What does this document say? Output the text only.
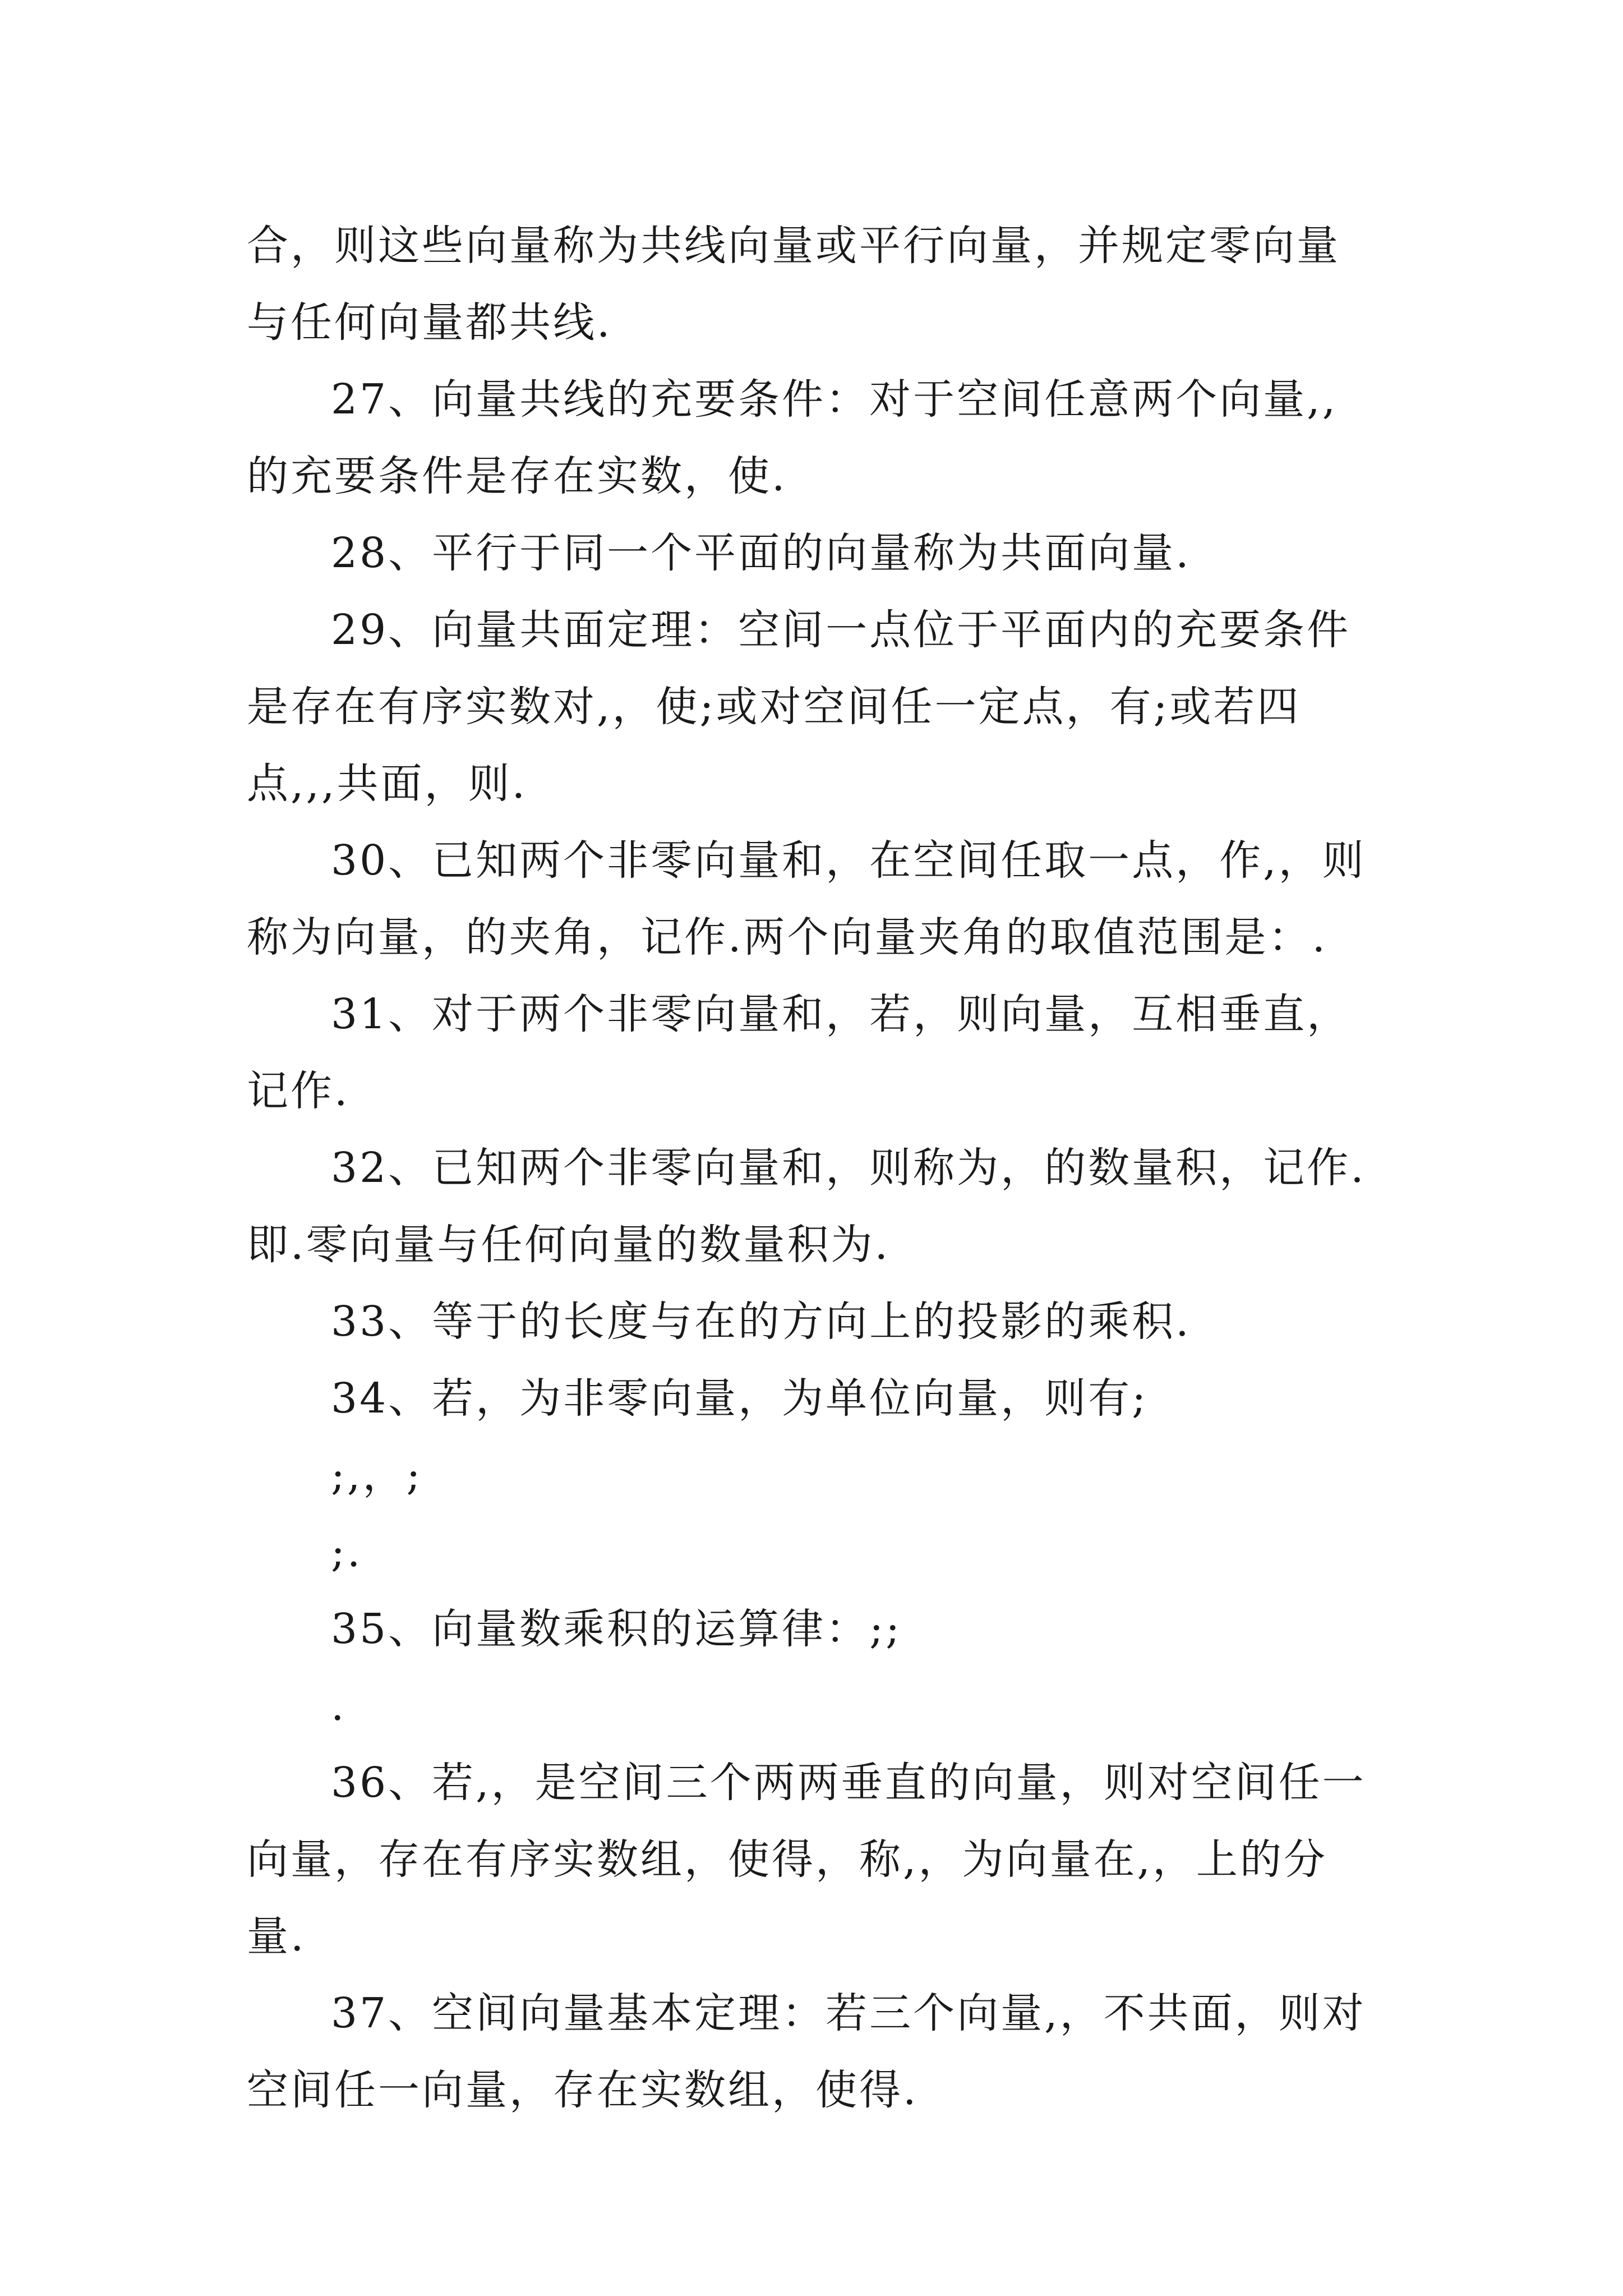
合，则这些向量称为共线向量或平行向量，并规定零向量与任何向量都共线.

27、向量共线的充要条件：对于空间任意两个向量,,的充要条件是存在实数，使.

28、平行于同一个平面的向量称为共面向量.

29、向量共面定理：空间一点位于平面内的充要条件是存在有序实数对,，使;或对空间任一定点，有;或若四点,,,共面，则.

30、已知两个非零向量和，在空间任取一点，作,，则称为向量，的夹角，记作.两个向量夹角的取值范围是：.

31、对于两个非零向量和，若，则向量，互相垂直，记作.

32、已知两个非零向量和，则称为，的数量积，记作.即.零向量与任何向量的数量积为.

33、等于的长度与在的方向上的投影的乘积.

34、若，为非零向量，为单位向量，则有;

;,，;

;.

35、向量数乘积的运算律：;;

.

36、若,，是空间三个两两垂直的向量，则对空间任一向量，存在有序实数组，使得，称,，为向量在,，上的分量.

37、空间向量基本定理：若三个向量,，不共面，则对空间任一向量，存在实数组，使得.
